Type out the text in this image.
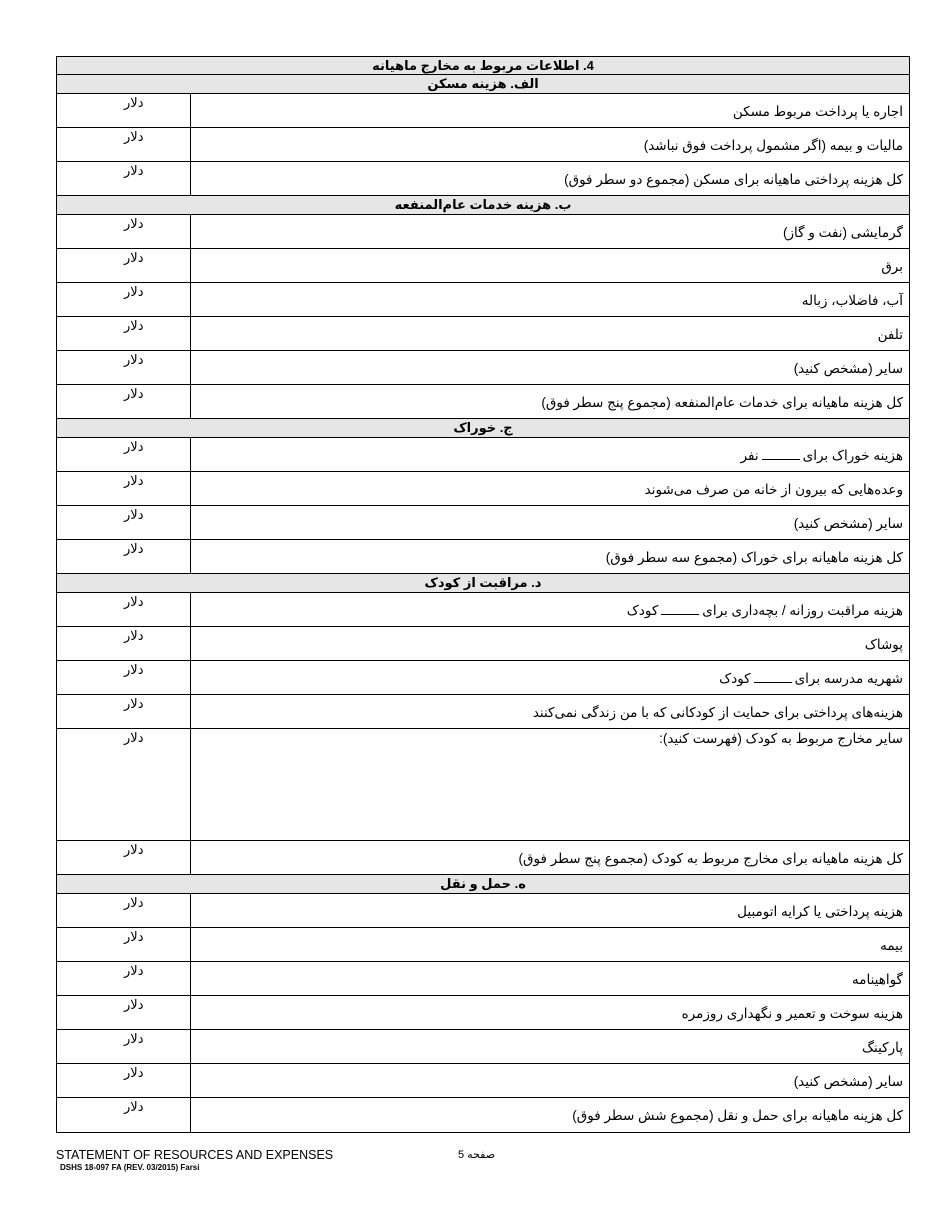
4. اطلاعات مربوط به مخارج ماهیانه
الف. هزینه مسکن
دلار
اجاره یا پرداخت مربوط مسکن
دلار
مالیات و بیمه (اگر مشمول پرداخت فوق نباشد)
دلار
کل هزینه پرداختی ماهیانه برای مسکن (مجموع دو سطر فوق)
ب. هزینه خدمات عام‌المنفعه
دلار
گرمایشی (نفت و گاز)
دلار
برق
دلار
آب، فاضلاب، زباله
دلار
تلفن
دلار
سایر (مشخص کنید)
دلار
کل هزینه ماهیانه برای خدمات عام‌المنفعه (مجموع پنج سطر فوق)
ج. خوراک
دلار
هزینه خوراک براینفر
دلار
وعده‌هایی که بیرون از خانه من صرف می‌شوند
دلار
سایر (مشخص کنید)
دلار
کل هزینه ماهیانه برای خوراک (مجموع سه سطر فوق)
د. مراقبت از کودک
دلار
هزینه مراقبت روزانه / بچه‌داری برایکودک
دلار
پوشاک
دلار
شهریه مدرسه برایکودک
دلار
هزینه‌های پرداختی برای حمایت از کودکانی که با من زندگی نمی‌کنند
دلار	سایر مخارج مربوط به کودک (فهرست کنید):
دلار
کل هزینه ماهیانه برای مخارج مربوط به کودک (مجموع پنج سطر فوق)
ه. حمل و نقل
دلار
هزینه پرداختی یا کرایه اتومبیل
دلار
بیمه
دلار
گواهینامه
دلار
هزینه سوخت و تعمیر و نگهداری روزمره
دلار
پارکینگ
دلار
سایر (مشخص کنید)
دلار
کل هزینه ماهیانه برای حمل و نقل (مجموع شش سطر فوق)
STATEMENT OF RESOURCES AND EXPENSES
DSHS 18-097 FA (REV. 03/2015) Farsi
صفحه 5
